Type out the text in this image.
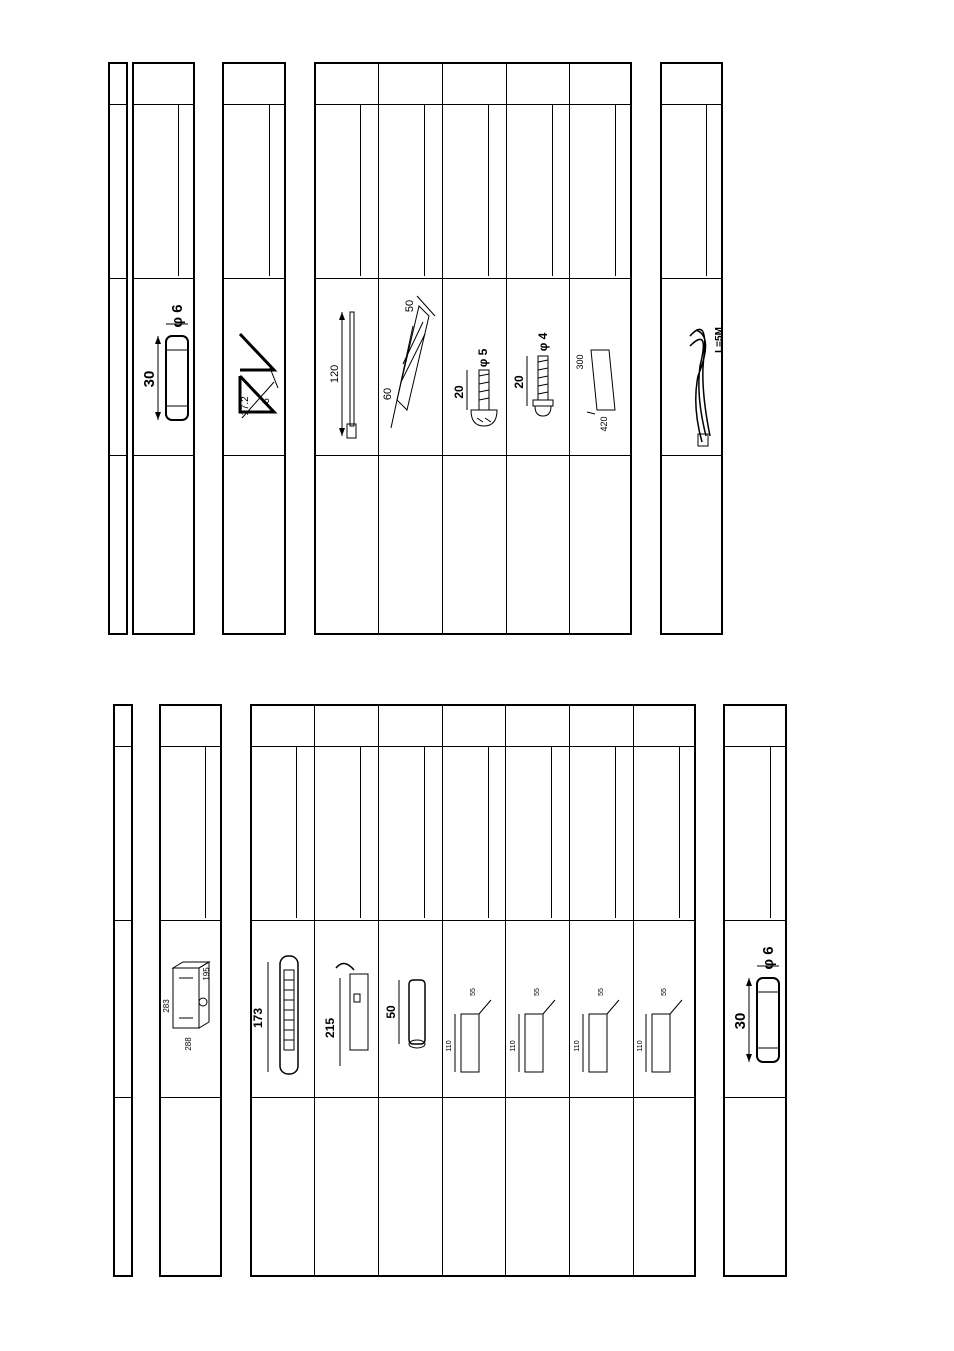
30
φ 6
17.2 6
120
60
50
20
φ 5
20
φ 4
300
420
L=5M
283
288
195
173	215
50
110
55
110
55
110
55
110
55
30
φ 6
